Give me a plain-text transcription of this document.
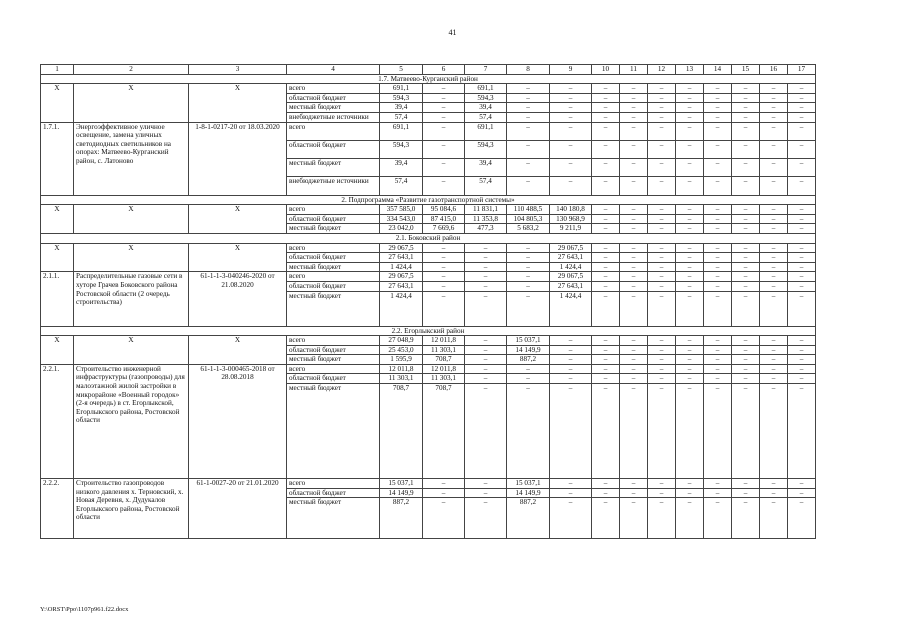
41
1	2	3	4	5	6	7	8	9	10	11	12	13	14	15	16	17
1.7. Матвеево-Курганский район																
Х	Х	Х	всего	691,1	–	691,1	–	–	–	–	–	–	–	–	–	–
			областной бюджет	594,3	–	594,3	–	–	–	–	–	–	–	–	–	–
			местный бюджет	39,4	–	39,4	–	–	–	–	–	–	–	–	–	–
			внебюджетные источники	57,4	–	57,4	–	–	–	–	–	–	–	–	–	–
1.7.1.	Энергоэффективное уличное освещение, замена уличных светодиодных светильников на опорах: Матвеево-Курганский район, с. Латоново	1-8-1-0217-20 от 18.03.2020	всего	691,1	–	691,1	–	–	–	–	–	–	–	–	–	–
			областной бюджет	594,3	–	594,3	–	–	–	–	–	–	–	–	–	–
			местный бюджет	39,4	–	39,4	–	–	–	–	–	–	–	–	–	–
			внебюджетные источники	57,4	–	57,4	–	–	–	–	–	–	–	–	–	–
2. Подпрограмма «Развитие газотранспортной системы»																
Х	Х	Х	всего	357 585,0	95 084,6	11 831,1	110 488,5	140 180,8	–	–	–	–	–	–	–	–
			областной бюджет	334 543,0	87 415,0	11 353,8	104 805,3	130 968,9	–	–	–	–	–	–	–	–
			местный бюджет	23 042,0	7 669,6	477,3	5 683,2	9 211,9	–	–	–	–	–	–	–	–
2.1. Боковский район																
Х	Х	Х	всего	29 067,5	–	–	–	29 067,5	–	–	–	–	–	–	–	–
			областной бюджет	27 643,1	–	–	–	27 643,1	–	–	–	–	–	–	–	–
			местный бюджет	1 424,4	–	–	–	1 424,4	–	–	–	–	–	–	–	–
2.1.1.	Распределительные газовые сети в хуторе Грачев Боковского района Ростовской области (2 очередь строительства)	61-1-1-3-040246-2020 от 21.08.2020	всего	29 067,5	–	–	–	29 067,5	–	–	–	–	–	–	–	–
			областной бюджет	27 643,1	–	–	–	27 643,1	–	–	–	–	–	–	–	–
			местный бюджет	1 424,4	–	–	–	1 424,4	–	–	–	–	–	–	–	–
2.2. Егорлыкский район																
Х	Х	Х	всего	27 048,9	12 011,8	–	15 037,1	–	–	–	–	–	–	–	–	–
			областной бюджет	25 453,0	11 303,1	–	14 149,9	–	–	–	–	–	–	–	–	–
			местный бюджет	1 595,9	708,7	–	887,2	–	–	–	–	–	–	–	–	–
2.2.1.	Строительство инженерной инфраструктуры (газопроводы) для малоэтажной жилой застройки в микрорайоне «Военный городок» (2-я очередь) в ст. Егорлыкской, Егорлыкского района, Ростовской области	61-1-1-3-000465-2018 от 28.08.2018	всего	12 011,8	12 011,8	–	–	–	–	–	–	–	–	–	–	–
			областной бюджет	11 303,1	11 303,1	–	–	–	–	–	–	–	–	–	–	–
			местный бюджет	708,7	708,7	–	–	–	–	–	–	–	–	–	–	–
2.2.2.	Строительство газопроводов низкого давления х. Терновский, х. Новая Деревня, х. Дудукалов Егорлыкского района, Ростовской области	61-1-0027-20 от 21.01.2020	всего	15 037,1	–	–	15 037,1	–	–	–	–	–	–	–	–	–
			областной бюджет	14 149,9	–	–	14 149,9	–	–	–	–	–	–	–	–	–
			местный бюджет	887,2	–	–	887,2	–	–	–	–	–	–	–	–	–
Y:\ORST\Ppo\1107p961.f22.docx
